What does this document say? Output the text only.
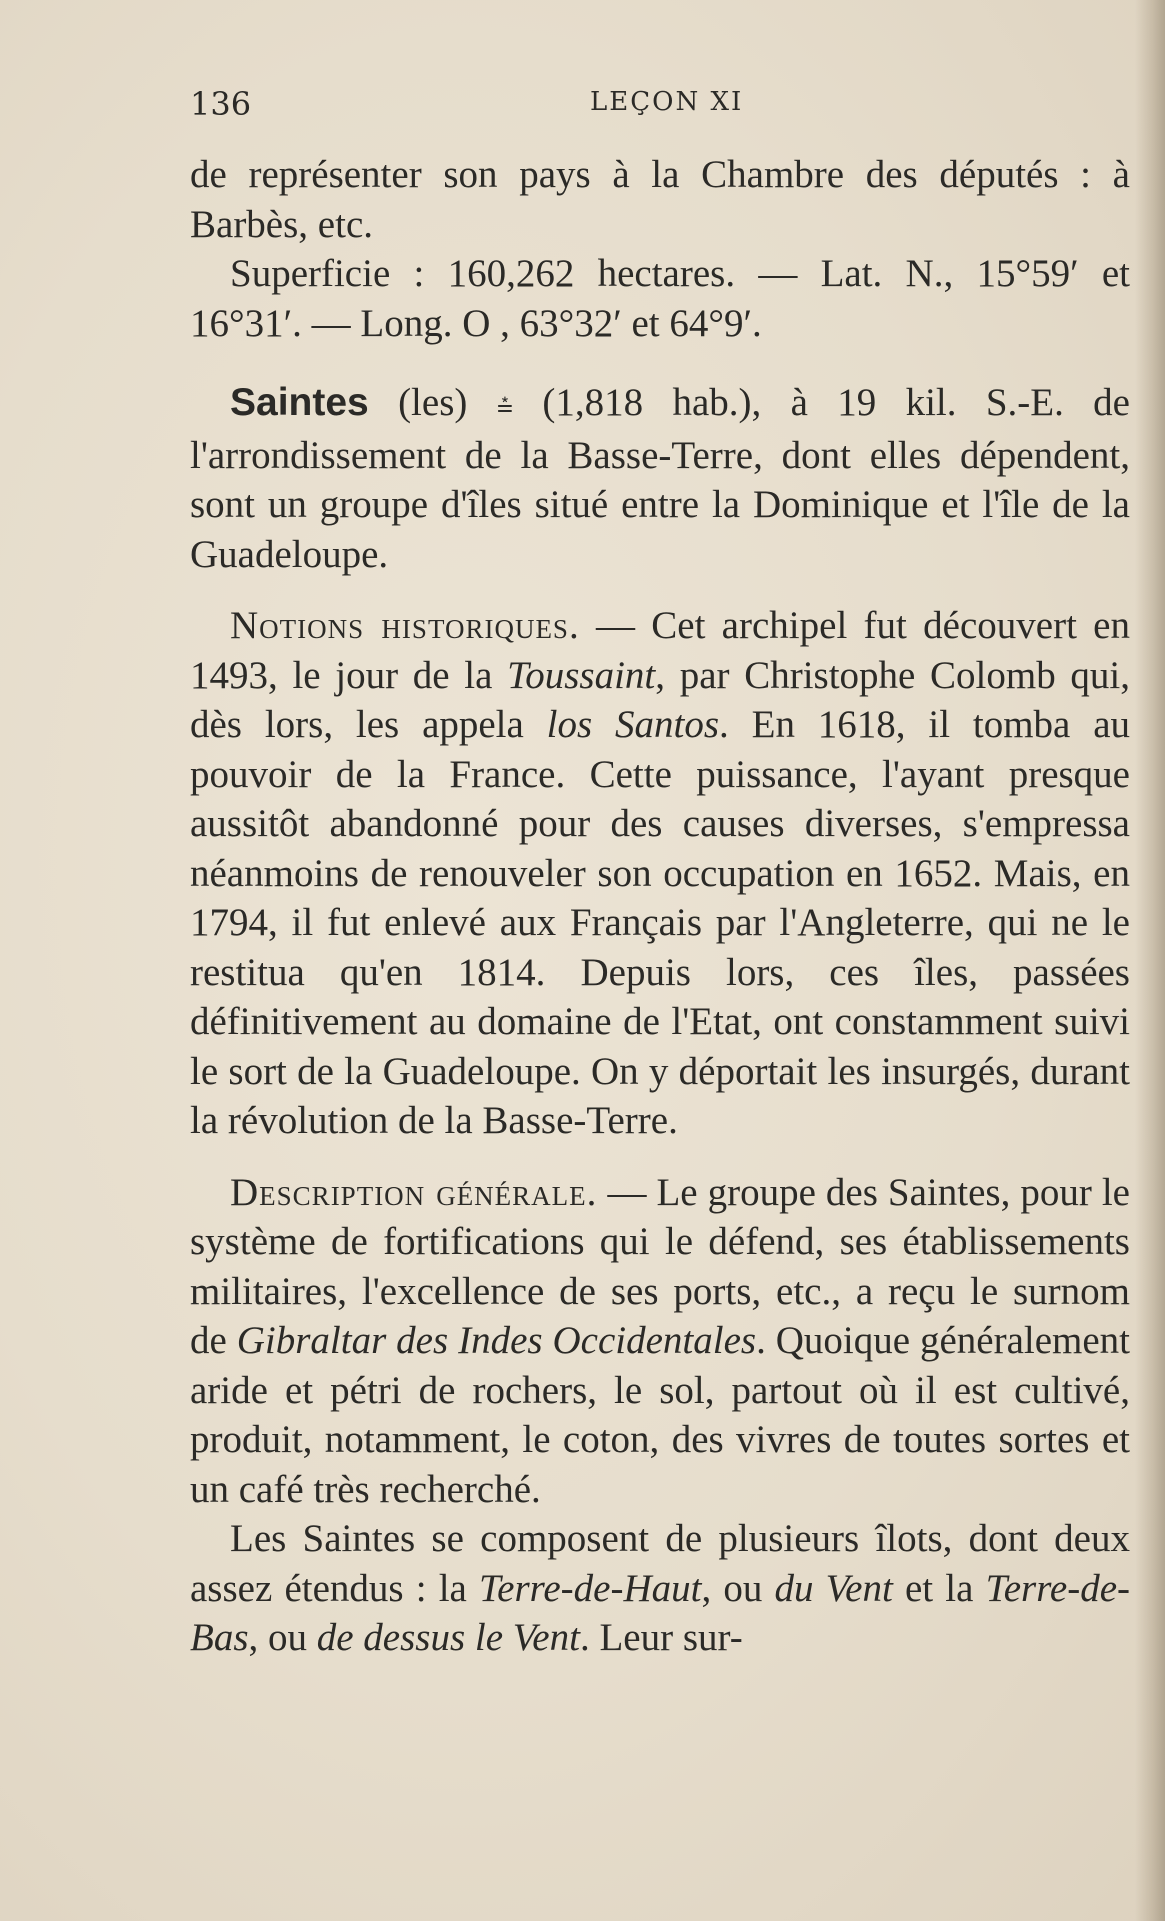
136	LEÇON XI

de représenter son pays à la Chambre des députés : à Barbès, etc.

Superficie : 160,262 hectares. — Lat. N., 15°59′ et 16°31′. — Long. O , 63°32′ et 64°9′.

Saintes (les) ⩮ (1,818 hab.), à 19 kil. S.-E. de l'arrondissement de la Basse-Terre, dont elles dépendent, sont un groupe d'îles situé entre la Dominique et l'île de la Guadeloupe.

Notions historiques. — Cet archipel fut découvert en 1493, le jour de la Toussaint, par Christophe Colomb qui, dès lors, les appela los Santos. En 1618, il tomba au pouvoir de la France. Cette puissance, l'ayant presque aussitôt abandonné pour des causes diverses, s'empressa néanmoins de renouveler son occupation en 1652. Mais, en 1794, il fut enlevé aux Français par l'Angleterre, qui ne le restitua qu'en 1814. Depuis lors, ces îles, passées définitivement au domaine de l'Etat, ont constamment suivi le sort de la Guadeloupe. On y déportait les insurgés, durant la révolution de la Basse-Terre.

Description générale. — Le groupe des Saintes, pour le système de fortifications qui le défend, ses établissements militaires, l'excellence de ses ports, etc., a reçu le surnom de Gibraltar des Indes Occidentales. Quoique généralement aride et pétri de rochers, le sol, partout où il est cultivé, produit, notamment, le coton, des vivres de toutes sortes et un café très recherché.

Les Saintes se composent de plusieurs îlots, dont deux assez étendus : la Terre-de-Haut, ou du Vent et la Terre-de-Bas, ou de dessus le Vent. Leur sur-
